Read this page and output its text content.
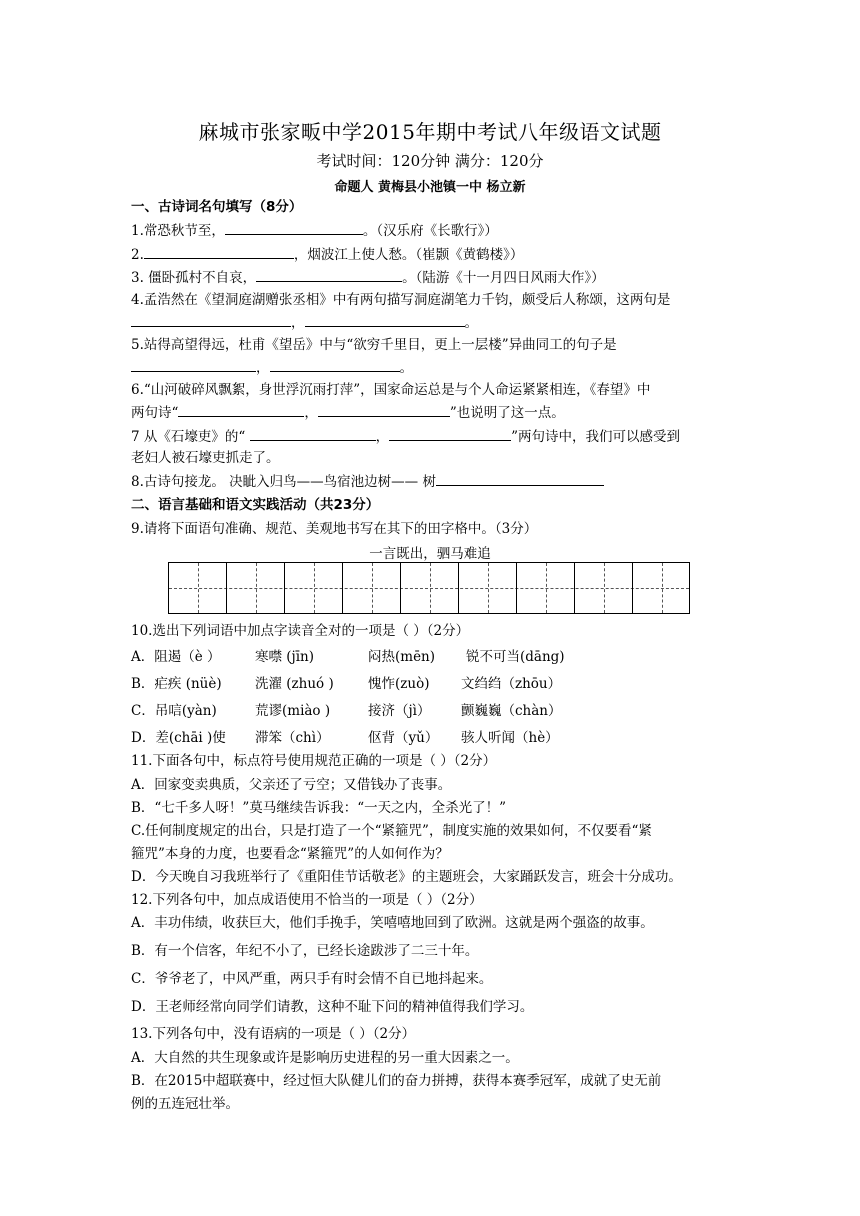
麻城市张家畈中学2015年期中考试八年级语文试题
考试时间：120分钟 满分：120分
命题人 黄梅县小池镇一中 杨立新
一、古诗词名句填写（8分）
1.常恐秋节至，	。（汉乐府《长歌行》）
2.	，烟波江上使人愁。（崔颢《黄鹤楼》）
3. 僵卧孤村不自哀，	。（陆游《十一月四日风雨大作》）
4.孟浩然在《望洞庭湖赠张丞相》中有两句描写洞庭湖笔力千钧，颇受后人称颂，这两句是
，	。
5.站得高望得远，杜甫《望岳》中与“欲穷千里目，更上一层楼”异曲同工的句子是
，	。
6.“山河破碎风飘絮，身世浮沉雨打萍”，国家命运总是与个人命运紧紧相连，《春望》中
两句诗“	，	”也说明了这一点。
7 从《石壕吏》的“	，	”两句诗中，我们可以感受到
老妇人被石壕吏抓走了。
8.古诗句接龙。 决眦入归鸟——鸟宿池边树—— 树
二、语言基础和语文实践活动（共23分）
9.请将下面语句准确、规范、美观地书写在其下的田字格中。（3分）
一言既出，驷马难追
10.选出下列词语中加点字读音全对的一项是（ ）（2分）
A．阻遏（è ）	寒噤 (jīn)	闷热(mēn) 锐不可当(dāng)
B．疟疾 (nüè) 洗濯 (zhuó )	愧怍(zuò) 文绉绉（zhōu）
C．吊唁(yàn)	荒谬(miào )	接济（jì） 颤巍巍（chàn）
D．差(chāi )使 滞笨（chì）	伛背（yǔ） 骇人听闻（hè）
11.下面各句中，标点符号使用规范正确的一项是（ ）（2分）
A．回家变卖典质，父亲还了亏空；又借钱办了丧事。
B．“七千多人呀！”莫马继续告诉我：“一天之内，全杀光了！”
C.任何制度规定的出台，只是打造了一个“紧箍咒”，制度实施的效果如何，不仅要看“紧
箍咒”本身的力度，也要看念“紧箍咒”的人如何作为？
D．今天晚自习我班举行了《重阳佳节话敬老》的主题班会，大家踊跃发言，班会十分成功。
12.下列各句中，加点成语使用不恰当的一项是（ ）（2分）
A．丰功伟绩，收获巨大，他们手挽手，笑嘻嘻地回到了欧洲。这就是两个强盗的故事。
B．有一个信客，年纪不小了，已经长途跋涉了二三十年。
C．爷爷老了，中风严重，两只手有时会情不自已地抖起来。
D．王老师经常向同学们请教，这种不耻下问的精神值得我们学习。
13.下列各句中，没有语病的一项是（ ）（2分）
A．大自然的共生现象或许是影响历史进程的另一重大因素之一。
B．在2015中超联赛中，经过恒大队健儿们的奋力拼搏，获得本赛季冠军，成就了史无前
例的五连冠壮举。
